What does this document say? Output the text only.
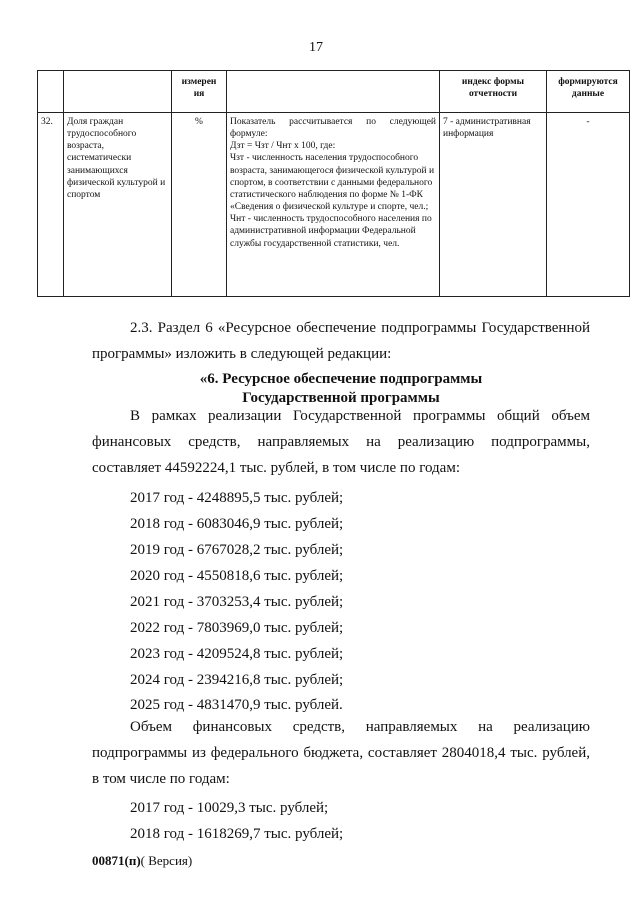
17
		измерен
ия		индекс формы отчетности	формируются данные
32.	Доля граждан трудоспособного возраста, систематически занимающихся физической культурой и спортом	%	Показатель рассчитывается по следующей формуле:
Дзт = Чзт / Чнт х 100, где:
Чзт - численность населения трудоспособного возраста, занимающегося физической культурой и спортом, в соответствии с данными федерального статистического наблюдения по форме № 1-ФК «Сведения о физической культуре и спорте, чел.;
Чнт - численность трудоспособного населения по административной информации Федеральной службы государственной статистики, чел.	7 - административная информация	-

2.3. Раздел 6 «Ресурсное обеспечение подпрограммы Государственной программы» изложить в следующей редакции:

«6. Ресурсное обеспечение подпрограммы
Государственной программы

В рамках реализации Государственной программы общий объем финансовых средств, направляемых на реализацию подпрограммы, составляет 44592224,1 тыс. рублей, в том числе по годам:

2017 год - 4248895,5 тыс. рублей;
2018 год - 6083046,9 тыс. рублей;
2019 год - 6767028,2 тыс. рублей;
2020 год - 4550818,6 тыс. рублей;
2021 год - 3703253,4 тыс. рублей;
2022 год - 7803969,0 тыс. рублей;
2023 год - 4209524,8 тыс. рублей;
2024 год - 2394216,8 тыс. рублей;
2025 год - 4831470,9 тыс. рублей.

Объем финансовых средств, направляемых на реализацию подпрограммы из федерального бюджета, составляет 2804018,4 тыс. рублей, в том числе по годам:

2017 год - 10029,3 тыс. рублей;
2018 год - 1618269,7 тыс. рублей;
00871(п)( Версия)
